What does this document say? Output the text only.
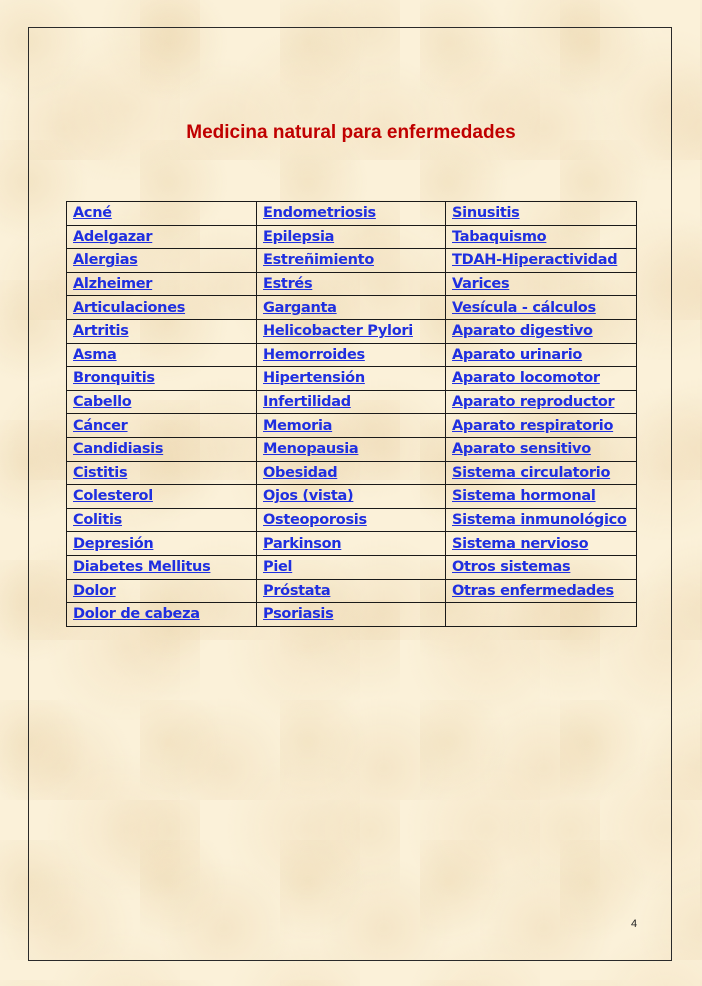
Medicina natural para enfermedades
Acné	Endometriosis	Sinusitis
Adelgazar	Epilepsia	Tabaquismo
Alergias	Estreñimiento	TDAH-Hiperactividad
Alzheimer	Estrés	Varices
Articulaciones	Garganta	Vesícula - cálculos
Artritis	Helicobacter Pylori	Aparato digestivo
Asma	Hemorroides	Aparato urinario
Bronquitis	Hipertensión	Aparato locomotor
Cabello	Infertilidad	Aparato reproductor
Cáncer	Memoria	Aparato respiratorio
Candidiasis	Menopausia	Aparato sensitivo
Cistitis	Obesidad	Sistema circulatorio
Colesterol	Ojos (vista)	Sistema hormonal
Colitis	Osteoporosis	Sistema inmunológico
Depresión	Parkinson	Sistema nervioso
Diabetes Mellitus	Piel	Otros sistemas
Dolor	Próstata	Otras enfermedades
Dolor de cabeza	Psoriasis	
4
